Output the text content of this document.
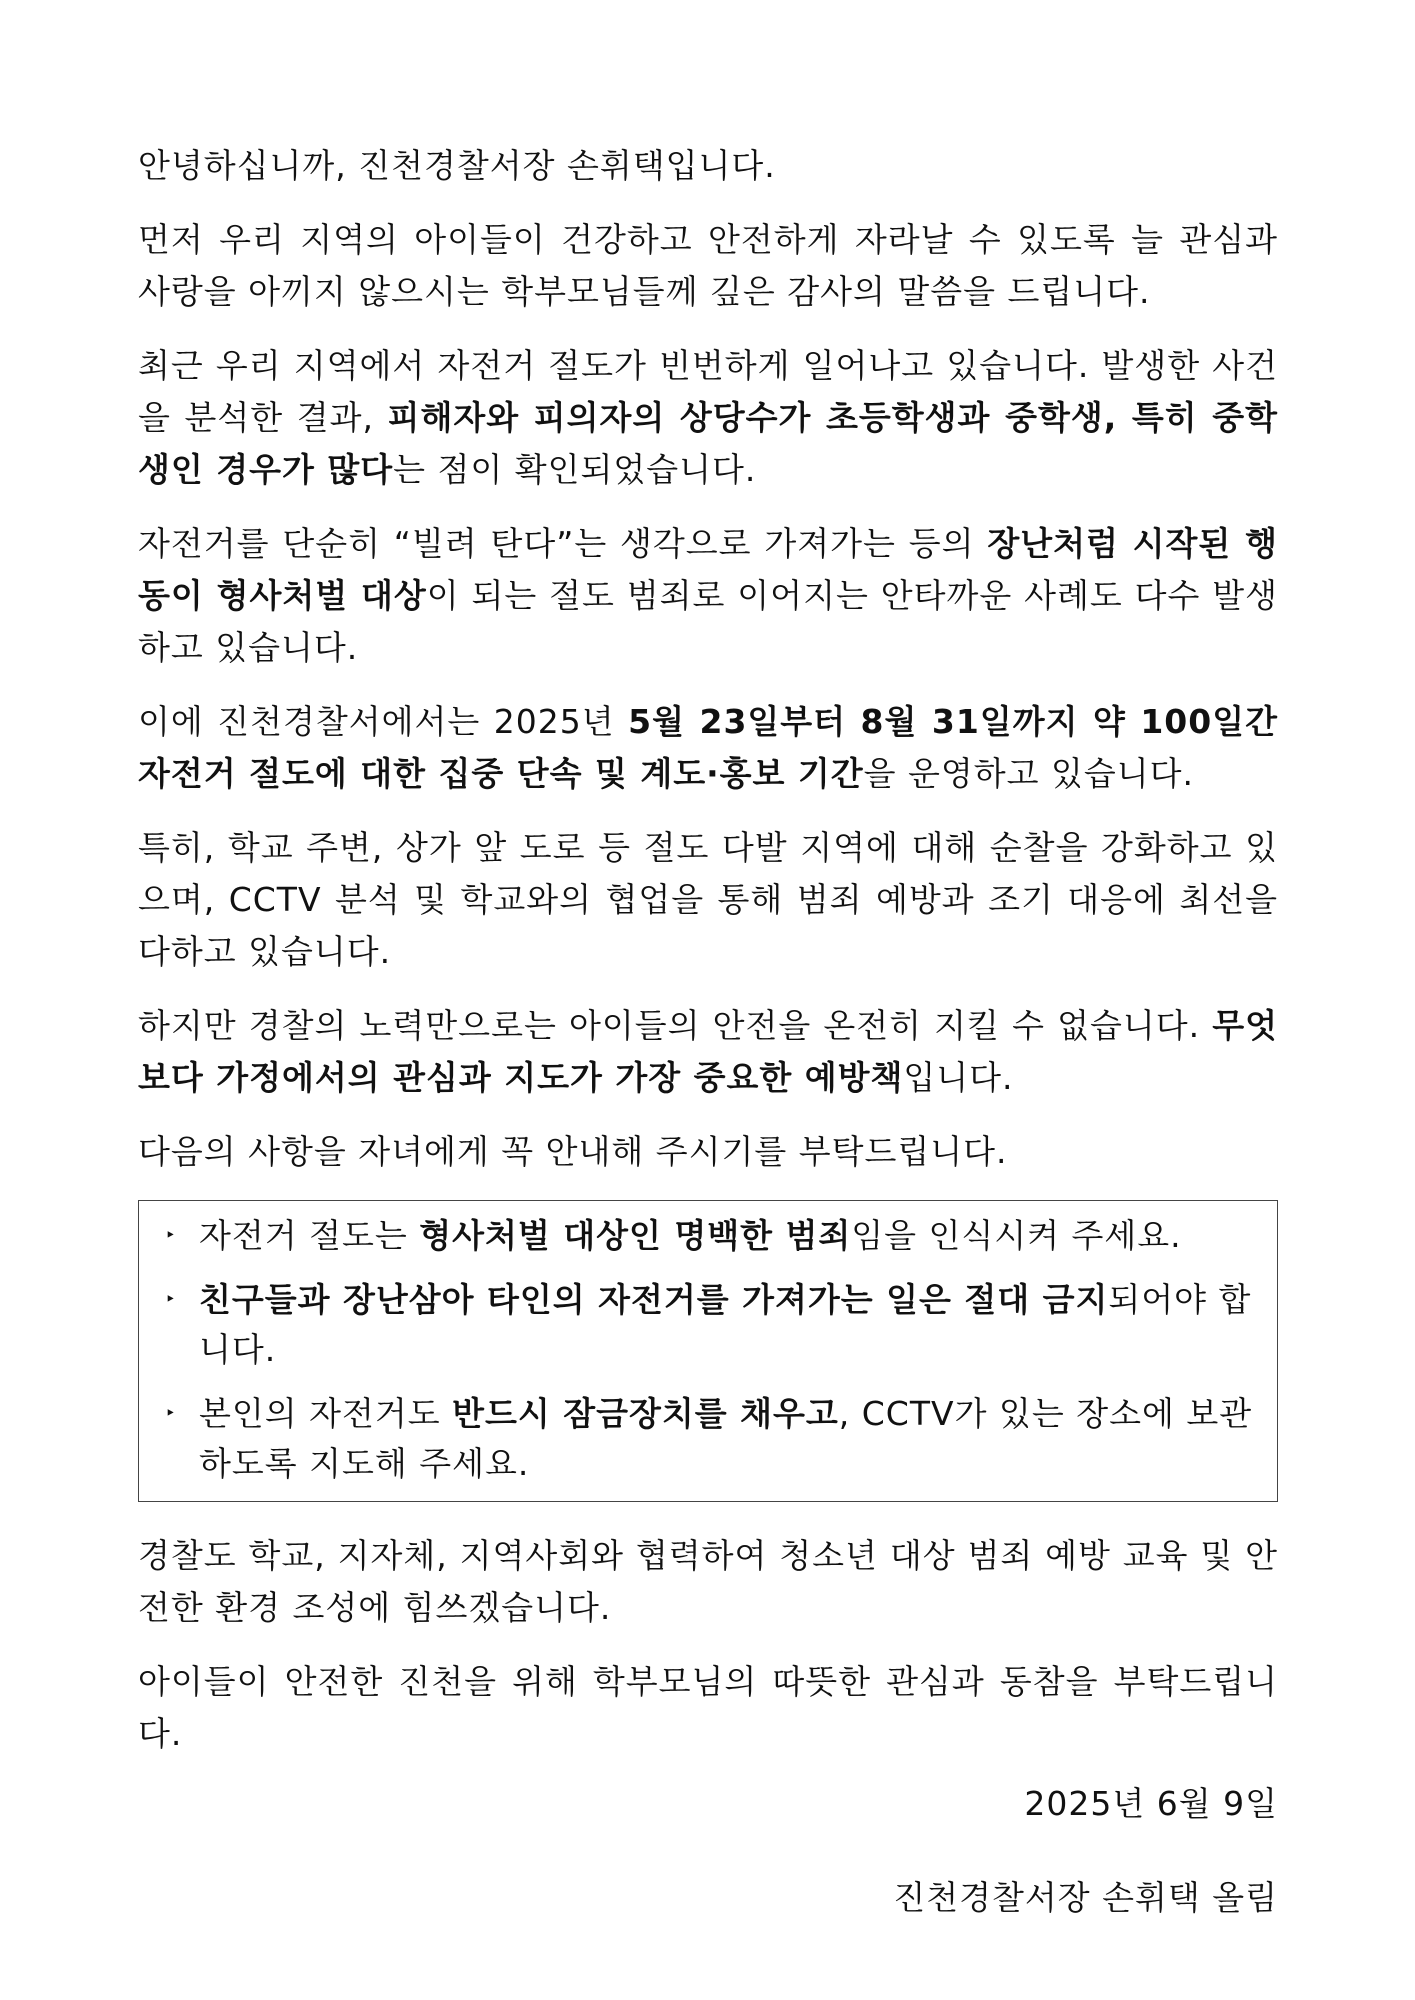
안녕하십니까, 진천경찰서장 손휘택입니다.

먼저 우리 지역의 아이들이 건강하고 안전하게 자라날 수 있도록 늘 관심과 사랑을 아끼지 않으시는 학부모님들께 깊은 감사의 말씀을 드립니다.

최근 우리 지역에서 자전거 절도가 빈번하게 일어나고 있습니다. 발생한 사건을 분석한 결과, 피해자와 피의자의 상당수가 초등학생과 중학생, 특히 중학생인 경우가 많다는 점이 확인되었습니다.

자전거를 단순히 “빌려 탄다”는 생각으로 가져가는 등의 장난처럼 시작된 행동이 형사처벌 대상이 되는 절도 범죄로 이어지는 안타까운 사례도 다수 발생하고 있습니다.

이에 진천경찰서에서는 2025년 5월 23일부터 8월 31일까지 약 100일간 자전거 절도에 대한 집중 단속 및 계도·홍보 기간을 운영하고 있습니다.

특히, 학교 주변, 상가 앞 도로 등 절도 다발 지역에 대해 순찰을 강화하고 있으며, CCTV 분석 및 학교와의 협업을 통해 범죄 예방과 조기 대응에 최선을 다하고 있습니다.

하지만 경찰의 노력만으로는 아이들의 안전을 온전히 지킬 수 없습니다. 무엇보다 가정에서의 관심과 지도가 가장 중요한 예방책입니다.

다음의 사항을 자녀에게 꼭 안내해 주시기를 부탁드립니다.

‣ 자전거 절도는 형사처벌 대상인 명백한 범죄임을 인식시켜 주세요.
‣ 친구들과 장난삼아 타인의 자전거를 가져가는 일은 절대 금지되어야 합니다.
‣ 본인의 자전거도 반드시 잠금장치를 채우고, CCTV가 있는 장소에 보관하도록 지도해 주세요.

경찰도 학교, 지자체, 지역사회와 협력하여 청소년 대상 범죄 예방 교육 및 안전한 환경 조성에 힘쓰겠습니다.

아이들이 안전한 진천을 위해 학부모님의 따뜻한 관심과 동참을 부탁드립니다.

2025년 6월 9일
진천경찰서장 손휘택 올림
